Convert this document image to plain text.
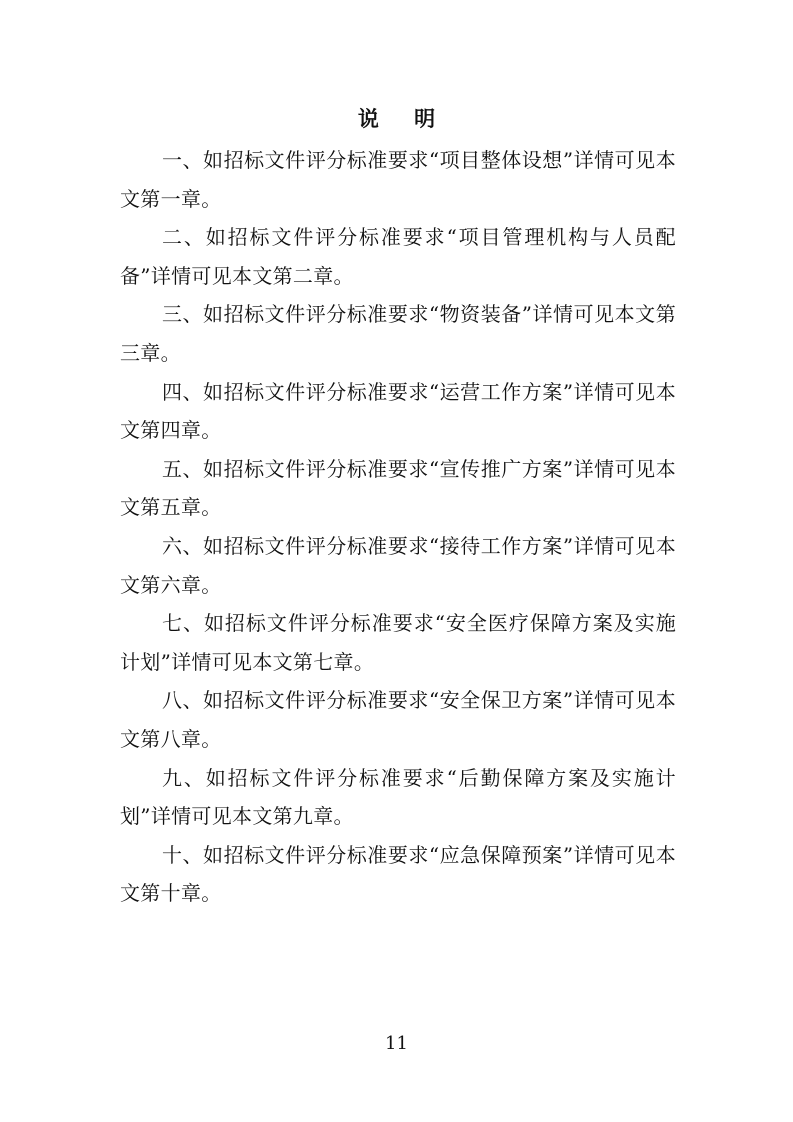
说 明

一、如招标文件评分标准要求“项目整体设想”详情可见本文第一章。

二、如招标文件评分标准要求“项目管理机构与人员配备”详情可见本文第二章。

三、如招标文件评分标准要求“物资装备”详情可见本文第三章。

四、如招标文件评分标准要求“运营工作方案”详情可见本文第四章。

五、如招标文件评分标准要求“宣传推广方案”详情可见本文第五章。

六、如招标文件评分标准要求“接待工作方案”详情可见本文第六章。

七、如招标文件评分标准要求“安全医疗保障方案及实施计划”详情可见本文第七章。

八、如招标文件评分标准要求“安全保卫方案”详情可见本文第八章。

九、如招标文件评分标准要求“后勤保障方案及实施计划”详情可见本文第九章。

十、如招标文件评分标准要求“应急保障预案”详情可见本文第十章。

11
